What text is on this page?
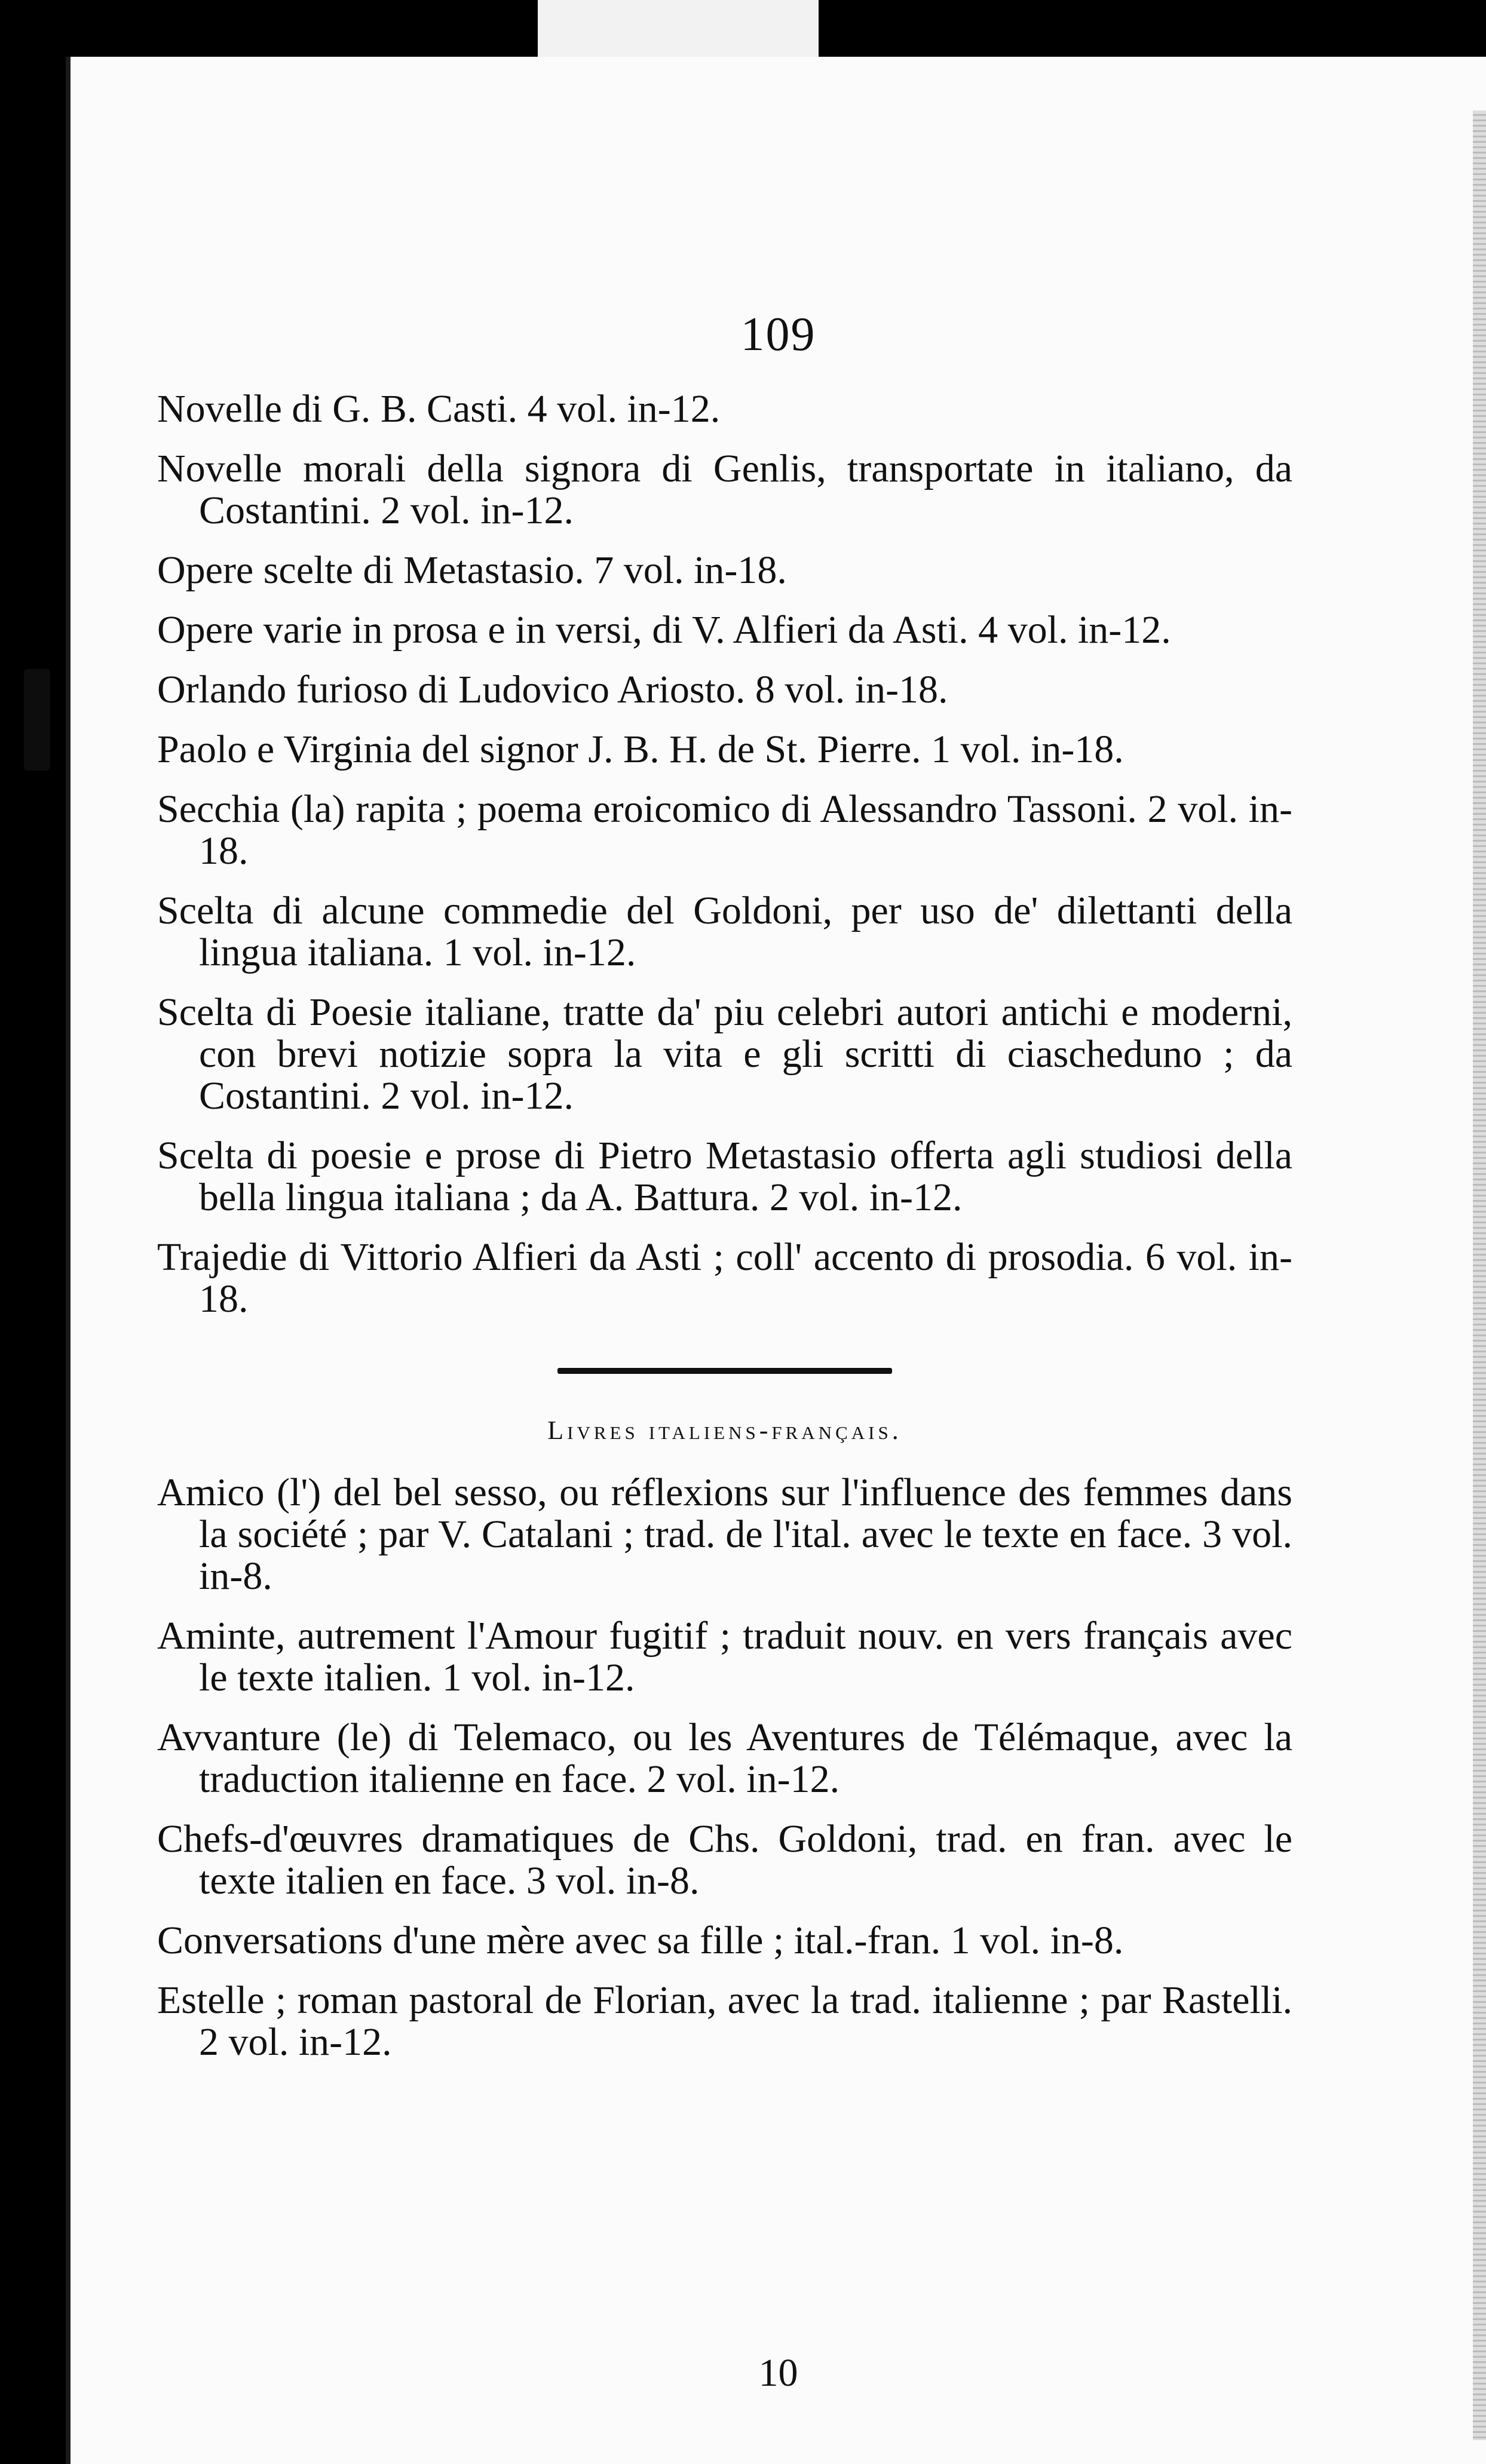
109

Novelle di G. B. Casti. 4 vol. in-12.

Novelle morali della signora di Genlis, transportate in italiano, da Costantini. 2 vol. in-12.

Opere scelte di Metastasio. 7 vol. in-18.

Opere varie in prosa e in versi, di V. Alfieri da Asti. 4 vol. in-12.

Orlando furioso di Ludovico Ariosto. 8 vol. in-18.

Paolo e Virginia del signor J. B. H. de St. Pierre. 1 vol. in-18.

Secchia (la) rapita ; poema eroicomico di Alessandro Tassoni. 2 vol. in-18.

Scelta di alcune commedie del Goldoni, per uso de' dilettanti della lingua italiana. 1 vol. in-12.

Scelta di Poesie italiane, tratte da' piu celebri autori antichi e moderni, con brevi notizie sopra la vita e gli scritti di ciascheduno ; da Costantini. 2 vol. in-12.

Scelta di poesie e prose di Pietro Metastasio offerta agli studiosi della bella lingua italiana ; da A. Battura. 2 vol. in-12.

Trajedie di Vittorio Alfieri da Asti ; coll' accento di prosodia. 6 vol. in-18.

Livres italiens-français.

Amico (l') del bel sesso, ou réflexions sur l'influence des femmes dans la société ; par V. Catalani ; trad. de l'ital. avec le texte en face. 3 vol. in-8.

Aminte, autrement l'Amour fugitif ; traduit nouv. en vers français avec le texte italien. 1 vol. in-12.

Avvanture (le) di Telemaco, ou les Aventures de Télémaque, avec la traduction italienne en face. 2 vol. in-12.

Chefs-d'œuvres dramatiques de Chs. Goldoni, trad. en fran. avec le texte italien en face. 3 vol. in-8.

Conversations d'une mère avec sa fille ; ital.-fran. 1 vol. in-8.

Estelle ; roman pastoral de Florian, avec la trad. italienne ; par Rastelli. 2 vol. in-12.

10
